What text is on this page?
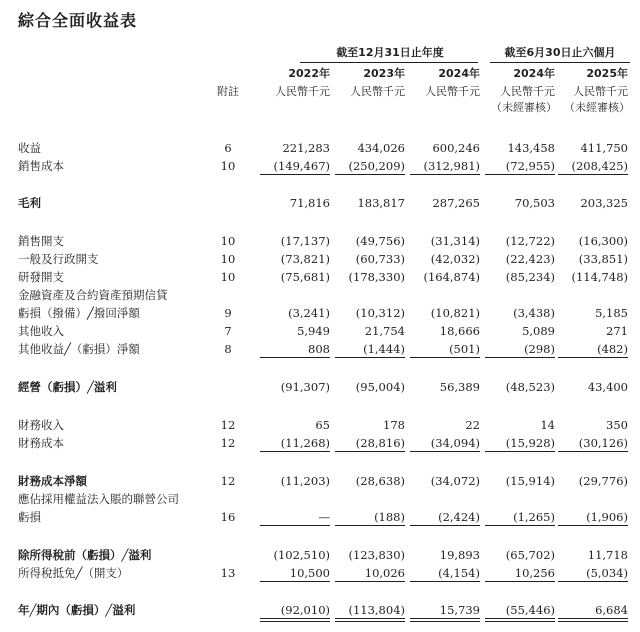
綜合全面收益表
截至12月31日止年度	截至6月30日止六個月
2022年	2023年	2024年	2024年	2025年
附註	人民幣千元	人民幣千元	人民幣千元	人民幣千元	人民幣千元
（未經審核） （未經審核）
收益	6	221,283	434,026	600,246	143,458	411,750
銷售成本	10	(149,467)	(250,209)	(312,981)	(72,955)	(208,425)
毛利	71,816	183,817	287,265	70,503	203,325
銷售開支	10	(17,137)	(49,756)	(31,314)	(12,722)	(16,300)
一般及行政開支	10	(73,821)	(60,733)	(42,032)	(22,423)	(33,851)
研發開支	10	(75,681)	(178,330)	(164,874)	(85,234)	(114,748)
金融資產及合約資產預期信貸
虧損（撥備）╱撥回淨額	9	(3,241)	(10,312)	(10,821)	(3,438)	5,185
其他收入	7	5,949	21,754	18,666	5,089	271
其他收益╱（虧損）淨額	8	808	(1,444)	(501)	(298)	(482)
經營（虧損）╱溢利	(91,307)	(95,004)	56,389	(48,523)	43,400
財務收入	12	65	178	22	14	350
財務成本	12	(11,268)	(28,816)	(34,094)	(15,928)	(30,126)
財務成本淨額	12	(11,203)	(28,638)	(34,072)	(15,914)	(29,776)
應佔採用權益法入賬的聯營公司
虧損	16	—	(188)	(2,424)	(1,265)	(1,906)
除所得稅前（虧損）╱溢利	(102,510)	(123,830)	19,893	(65,702)	11,718
所得稅抵免╱（開支）	13	10,500	10,026	(4,154)	10,256	(5,034)
年╱期內（虧損）╱溢利	(92,010)	(113,804)	15,739	(55,446)	6,684
